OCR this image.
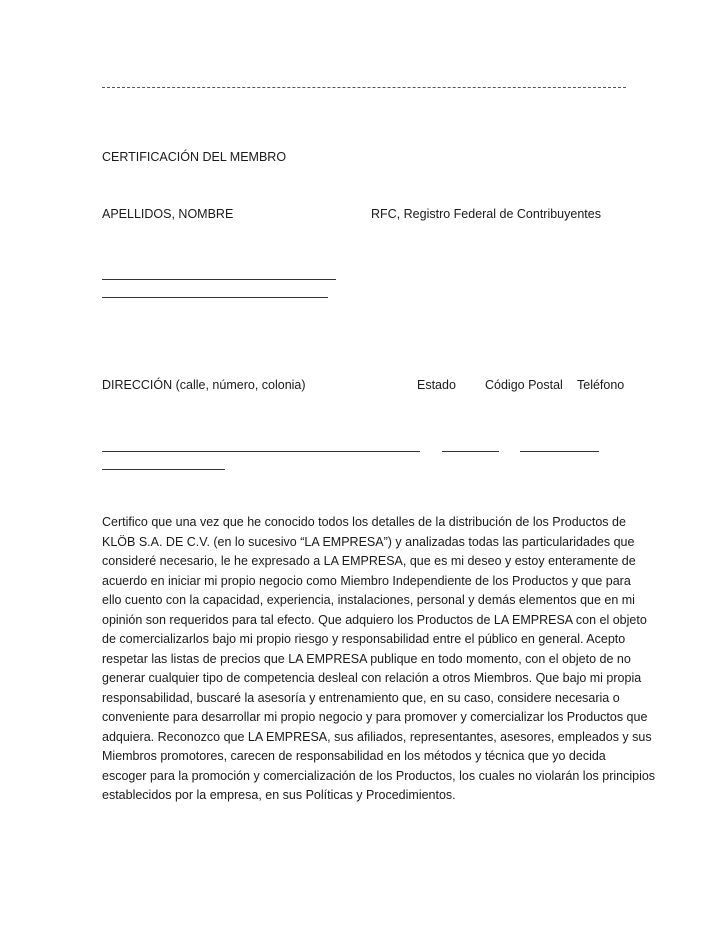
CERTIFICACIÓN DEL MEMBRO

APELLIDOS, NOMBRE	RFC, Registro Federal de Contribuyentes

DIRECCIÓN (calle, número, colonia)	Estado Código Postal Teléfono

Certifico que una vez que he conocido todos los detalles de la distribución de los Productos de
KLÖB S.A. DE C.V. (en lo sucesivo “LA EMPRESA”) y analizadas todas las particularidades que
consideré necesario, le he expresado a LA EMPRESA, que es mi deseo y estoy enteramente de
acuerdo en iniciar mi propio negocio como Miembro Independiente de los Productos y que para
ello cuento con la capacidad, experiencia, instalaciones, personal y demás elementos que en mi
opinión son requeridos para tal efecto. Que adquiero los Productos de LA EMPRESA con el objeto
de comercializarlos bajo mi propio riesgo y responsabilidad entre el público en general. Acepto
respetar las listas de precios que LA EMPRESA publique en todo momento, con el objeto de no
generar cualquier tipo de competencia desleal con relación a otros Miembros. Que bajo mi propia
responsabilidad, buscaré la asesoría y entrenamiento que, en su caso, considere necesaria o
conveniente para desarrollar mi propio negocio y para promover y comercializar los Productos que
adquiera. Reconozco que LA EMPRESA, sus afiliados, representantes, asesores, empleados y sus
Miembros promotores, carecen de responsabilidad en los métodos y técnica que yo decida
escoger para la promoción y comercialización de los Productos, los cuales no violarán los principios
establecidos por la empresa, en sus Políticas y Procedimientos.
